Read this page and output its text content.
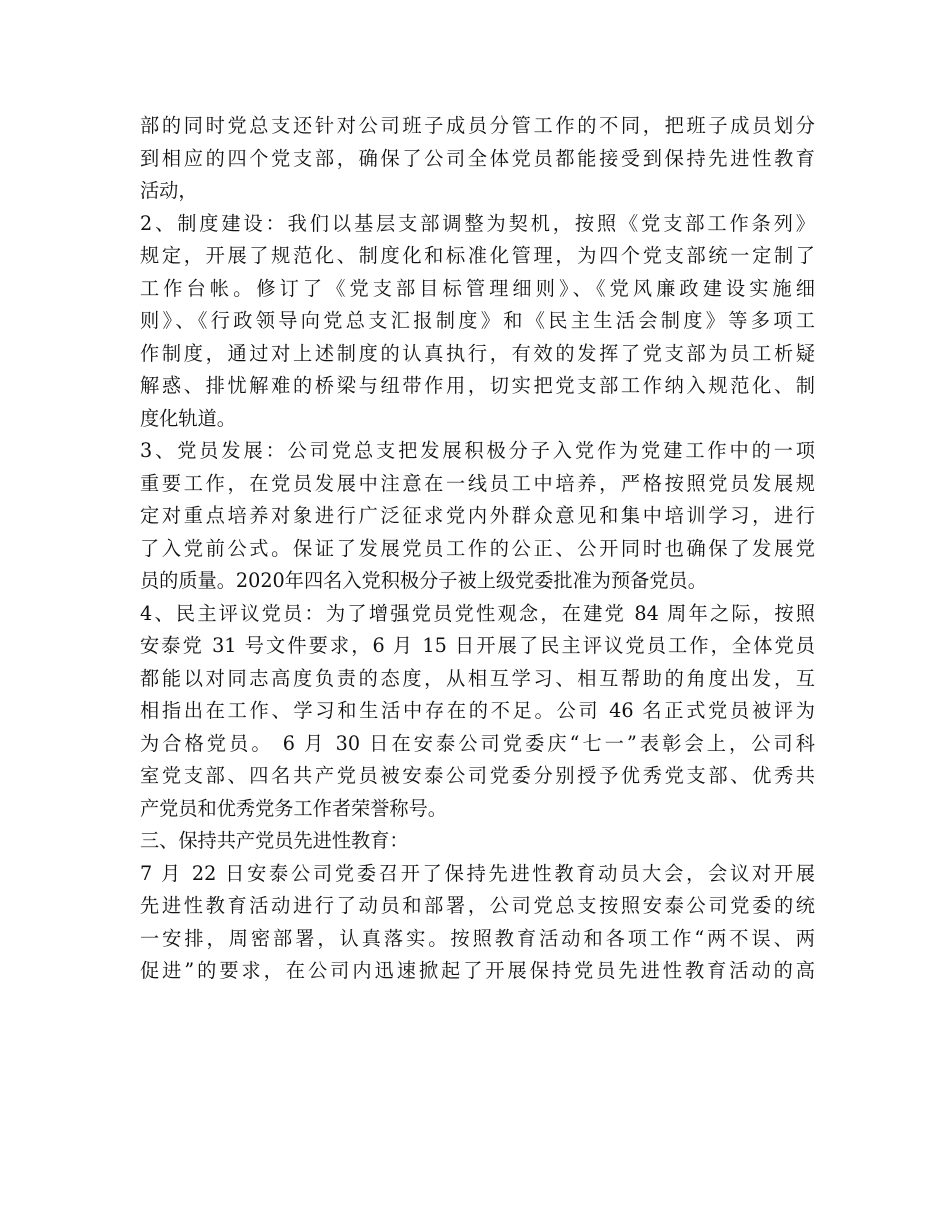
部的同时党总支还针对公司班子成员分管工作的不同，把班子成员划分
到相应的四个党支部，确保了公司全体党员都能接受到保持先进性教育
活动，
2、制度建设：我们以基层支部调整为契机，按照《党支部工作条列》
规定，开展了规范化、制度化和标准化管理，为四个党支部统一定制了
工作台帐。修订了《党支部目标管理细则》、《党风廉政建设实施细
则》、《行政领导向党总支汇报制度》和《民主生活会制度》等多项工
作制度，通过对上述制度的认真执行，有效的发挥了党支部为员工析疑
解惑、排忧解难的桥梁与纽带作用，切实把党支部工作纳入规范化、制
度化轨道。
3、党员发展：公司党总支把发展积极分子入党作为党建工作中的一项
重要工作，在党员发展中注意在一线员工中培养，严格按照党员发展规
定对重点培养对象进行广泛征求党内外群众意见和集中培训学习，进行
了入党前公式。保证了发展党员工作的公正、公开同时也确保了发展党
员的质量。2020年四名入党积极分子被上级党委批准为预备党员。
4、民主评议党员：为了增强党员党性观念，在建党 84 周年之际，按照
安泰党 31 号文件要求，6 月 15 日开展了民主评议党员工作，全体党员
都能以对同志高度负责的态度，从相互学习、相互帮助的角度出发，互
相指出在工作、学习和生活中存在的不足。公司 46 名正式党员被评为
为合格党员。 6 月 30 日在安泰公司党委庆“七一”表彰会上，公司科
室党支部、四名共产党员被安泰公司党委分别授予优秀党支部、优秀共
产党员和优秀党务工作者荣誉称号。
三、保持共产党员先进性教育：
7 月 22 日安泰公司党委召开了保持先进性教育动员大会，会议对开展
先进性教育活动进行了动员和部署，公司党总支按照安泰公司党委的统
一安排，周密部署，认真落实。按照教育活动和各项工作“两不误、两
促进”的要求，在公司内迅速掀起了开展保持党员先进性教育活动的高
